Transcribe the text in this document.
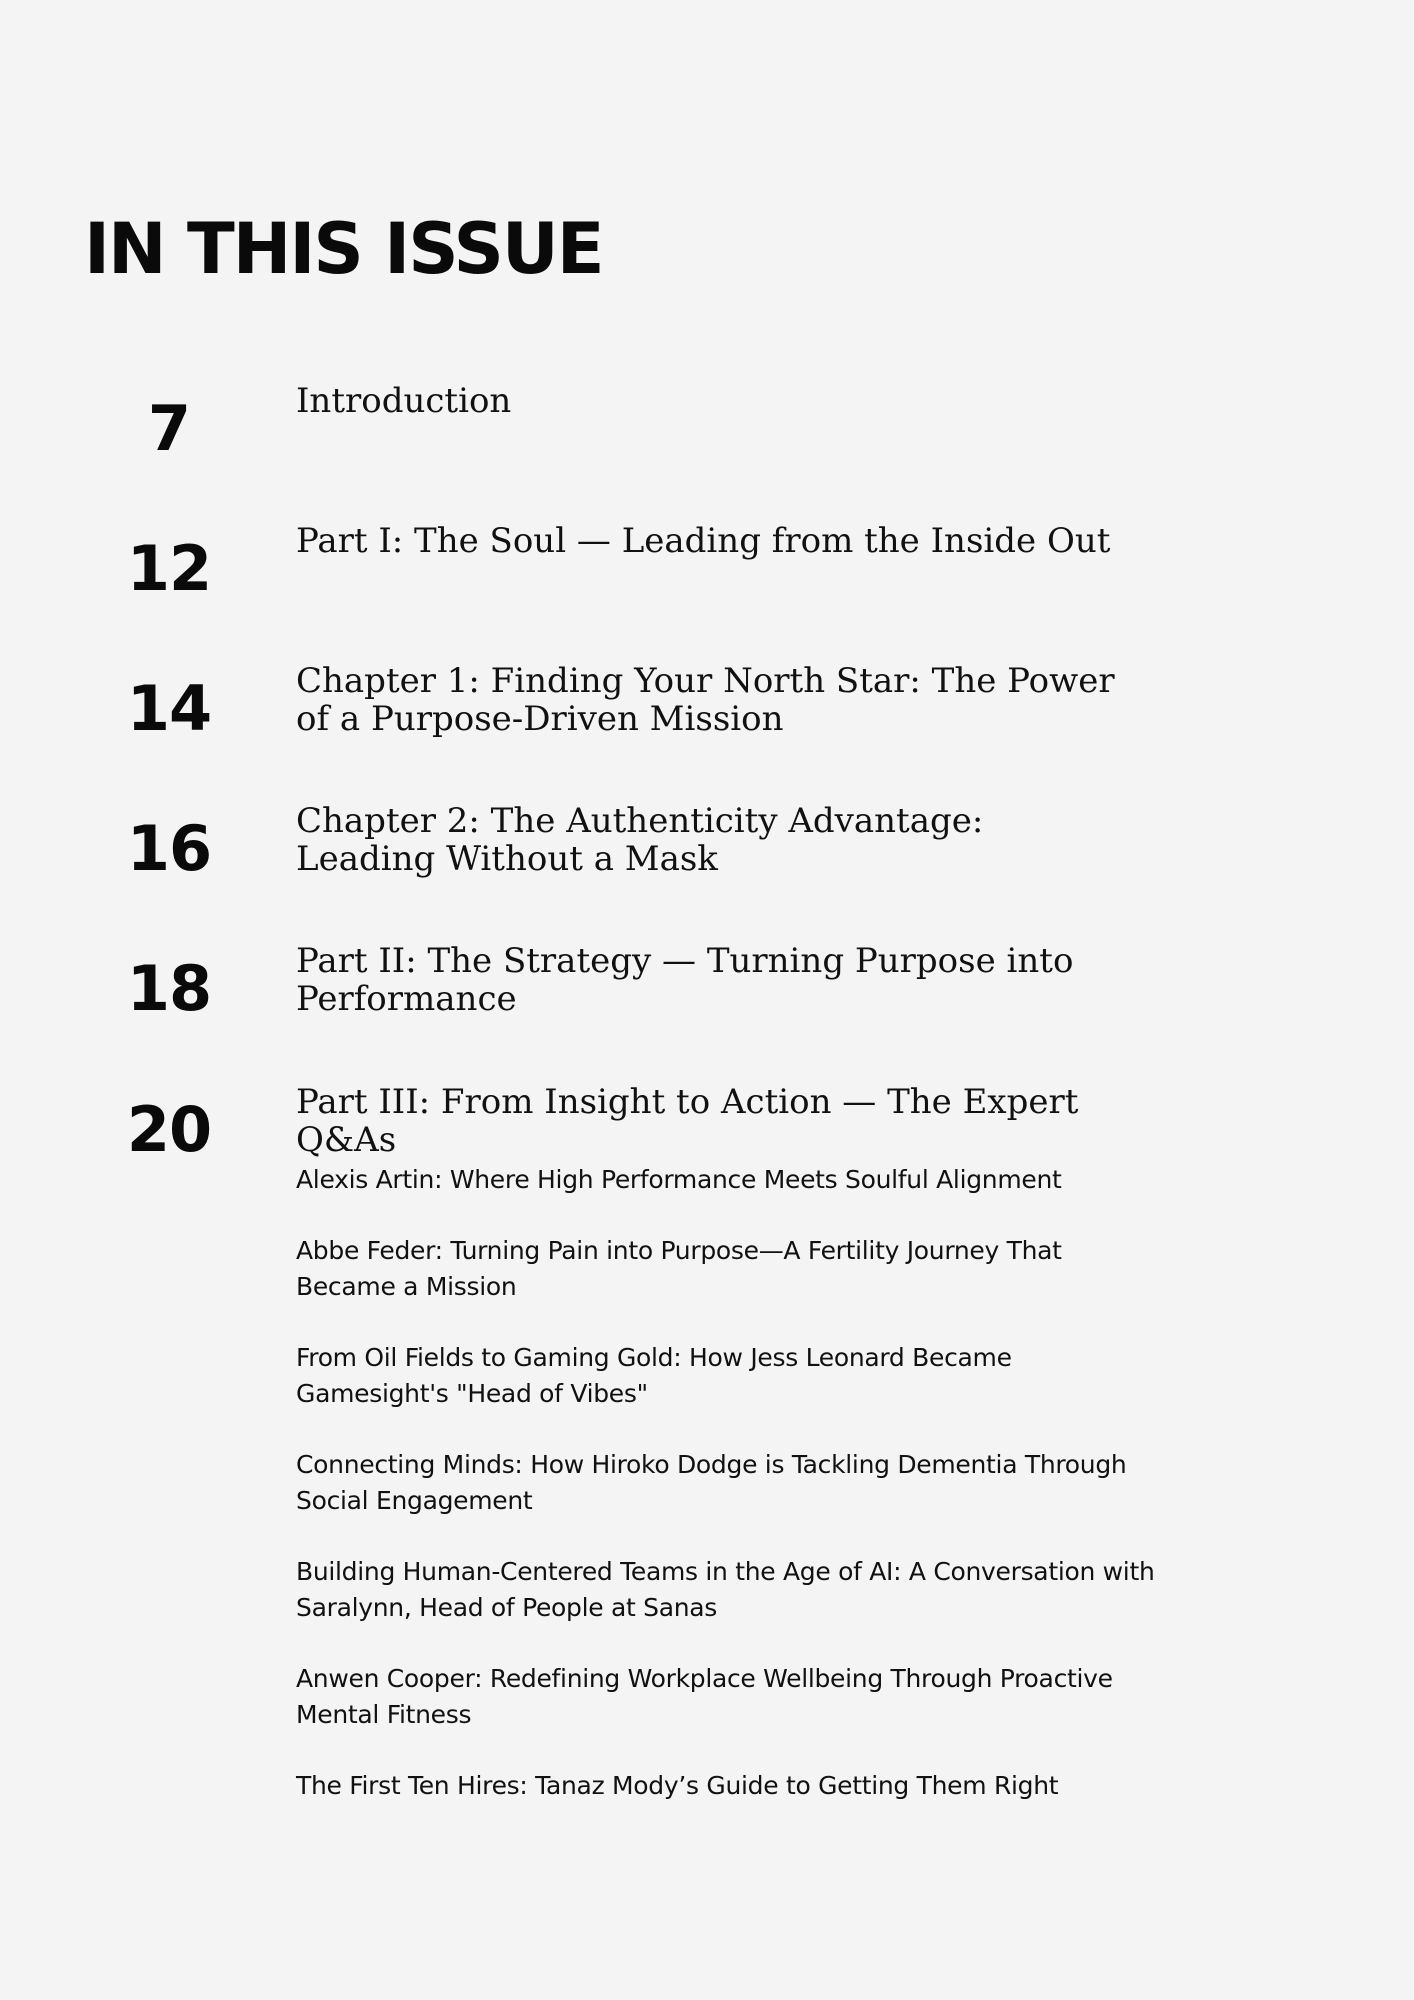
IN THIS ISSUE
7	Introduction
12	Part I: The Soul — Leading from the Inside Out
14	Chapter 1: Finding Your North Star: The Power of a Purpose-Driven Mission
16	Chapter 2: The Authenticity Advantage: Leading Without a Mask
18	Part II: The Strategy — Turning Purpose into Performance
20	Part III: From Insight to Action — The Expert Q&As
Alexis Artin: Where High Performance Meets Soulful Alignment
Abbe Feder: Turning Pain into Purpose—A Fertility Journey That Became a Mission
From Oil Fields to Gaming Gold: How Jess Leonard Became Gamesight's "Head of Vibes"
Connecting Minds: How Hiroko Dodge is Tackling Dementia Through Social Engagement
Building Human-Centered Teams in the Age of AI: A Conversation with Saralynn, Head of People at Sanas
Anwen Cooper: Redefining Workplace Wellbeing Through Proactive Mental Fitness
The First Ten Hires: Tanaz Mody’s Guide to Getting Them Right
